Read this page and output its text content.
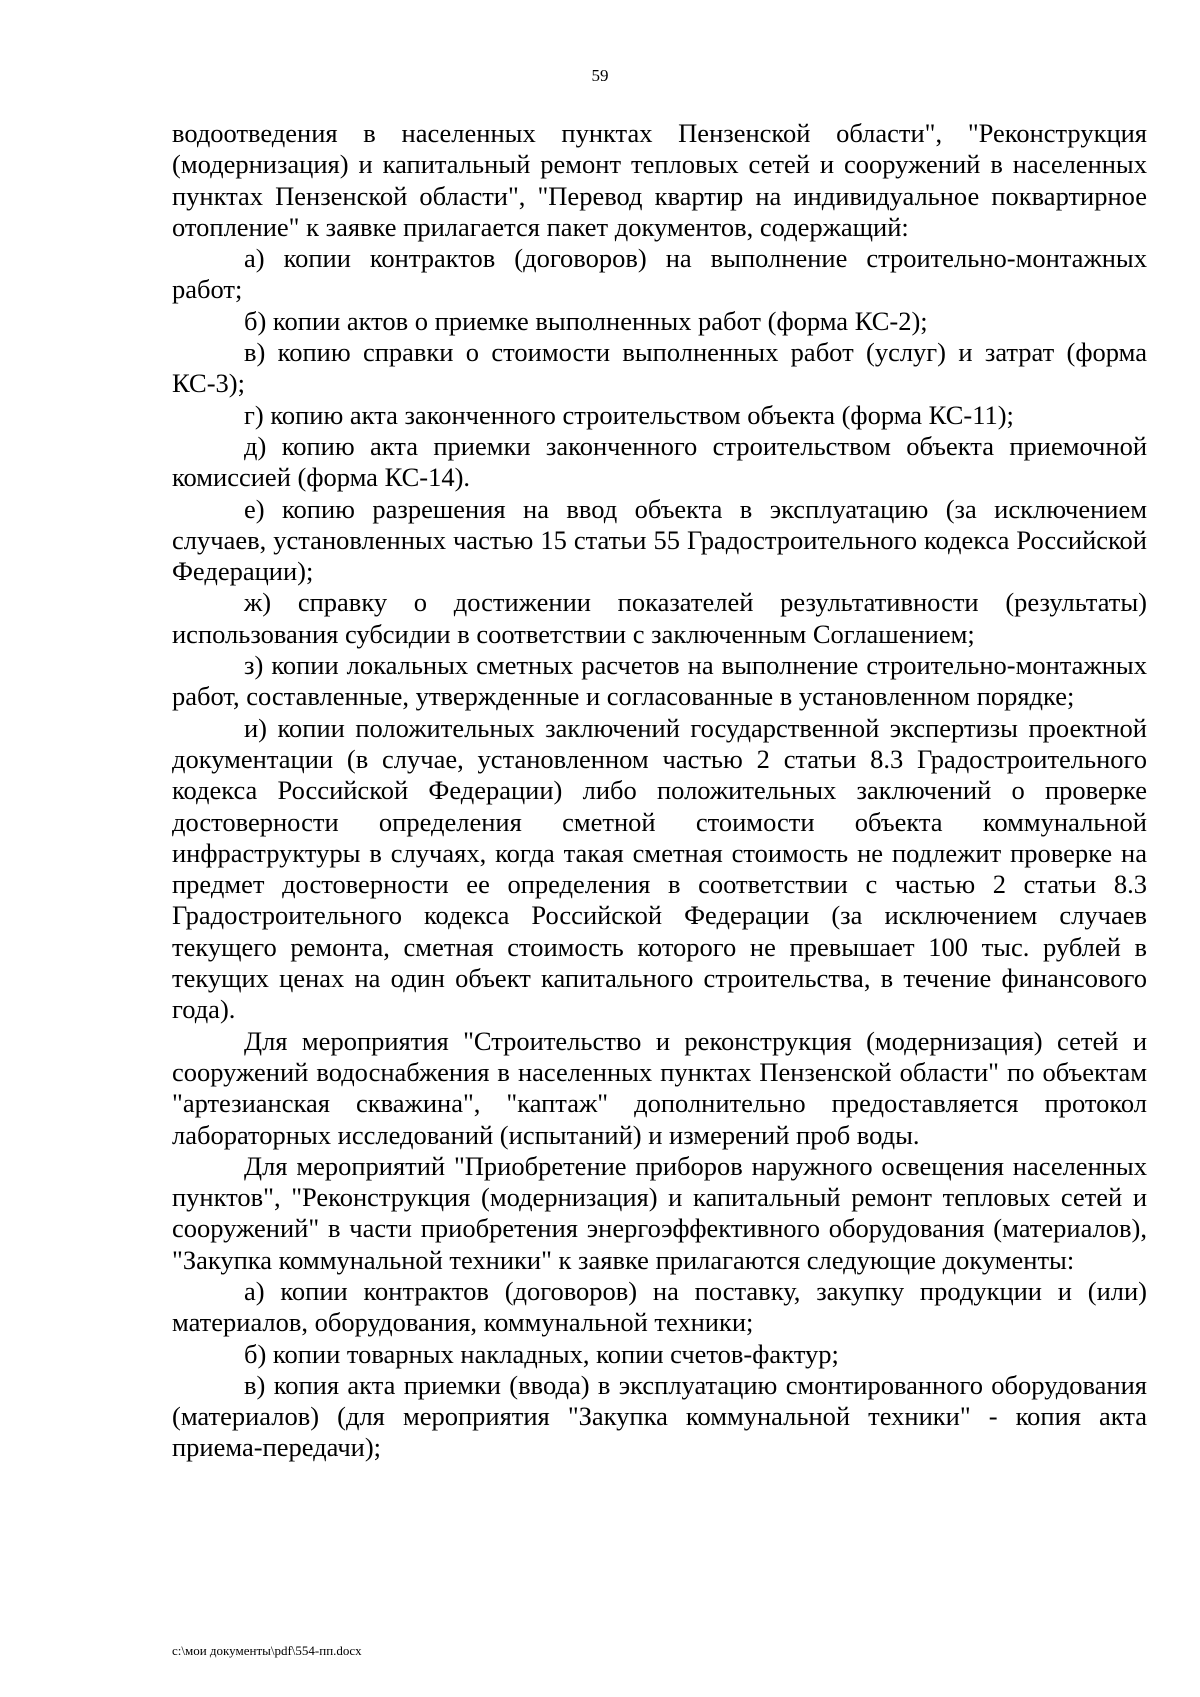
59

водоотведения в населенных пунктах Пензенской области", "Реконструкция (модернизация) и капитальный ремонт тепловых сетей и сооружений в населенных пунктах Пензенской области", "Перевод квартир на индивидуальное поквартирное отопление" к заявке прилагается пакет документов, содержащий:

а) копии контрактов (договоров) на выполнение строительно-монтажных работ;

б) копии актов о приемке выполненных работ (форма КС-2);

в) копию справки о стоимости выполненных работ (услуг) и затрат (форма КС-3);

г) копию акта законченного строительством объекта (форма КС-11);

д) копию акта приемки законченного строительством объекта приемочной комиссией (форма КС-14).

е) копию разрешения на ввод объекта в эксплуатацию (за исключением случаев, установленных частью 15 статьи 55 Градостроительного кодекса Российской Федерации);

ж) справку о достижении показателей результативности (результаты) использования субсидии в соответствии с заключенным Соглашением;

з) копии локальных сметных расчетов на выполнение строительно-монтажных работ, составленные, утвержденные и согласованные в установленном порядке;

и) копии положительных заключений государственной экспертизы проектной документации (в случае, установленном частью 2 статьи 8.3 Градостроительного кодекса Российской Федерации) либо положительных заключений о проверке достоверности определения сметной стоимости объекта коммунальной инфраструктуры в случаях, когда такая сметная стоимость не подлежит проверке на предмет достоверности ее определения в соответствии с частью 2 статьи 8.3 Градостроительного кодекса Российской Федерации (за исключением случаев текущего ремонта, сметная стоимость которого не превышает 100 тыс. рублей в текущих ценах на один объект капитального строительства, в течение финансового года).

Для мероприятия "Строительство и реконструкция (модернизация) сетей и сооружений водоснабжения в населенных пунктах Пензенской области" по объектам "артезианская скважина", "каптаж" дополнительно предоставляется протокол лабораторных исследований (испытаний) и измерений проб воды.

Для мероприятий "Приобретение приборов наружного освещения населенных пунктов", "Реконструкция (модернизация) и капитальный ремонт тепловых сетей и сооружений" в части приобретения энергоэффективного оборудования (материалов), "Закупка коммунальной техники" к заявке прилагаются следующие документы:

а) копии контрактов (договоров) на поставку, закупку продукции и (или) материалов, оборудования, коммунальной техники;

б) копии товарных накладных, копии счетов-фактур;

в) копия акта приемки (ввода) в эксплуатацию смонтированного оборудования (материалов) (для мероприятия "Закупка коммунальной техники" - копия акта приема-передачи);

c:\мои документы\pdf\554-пп.docx
